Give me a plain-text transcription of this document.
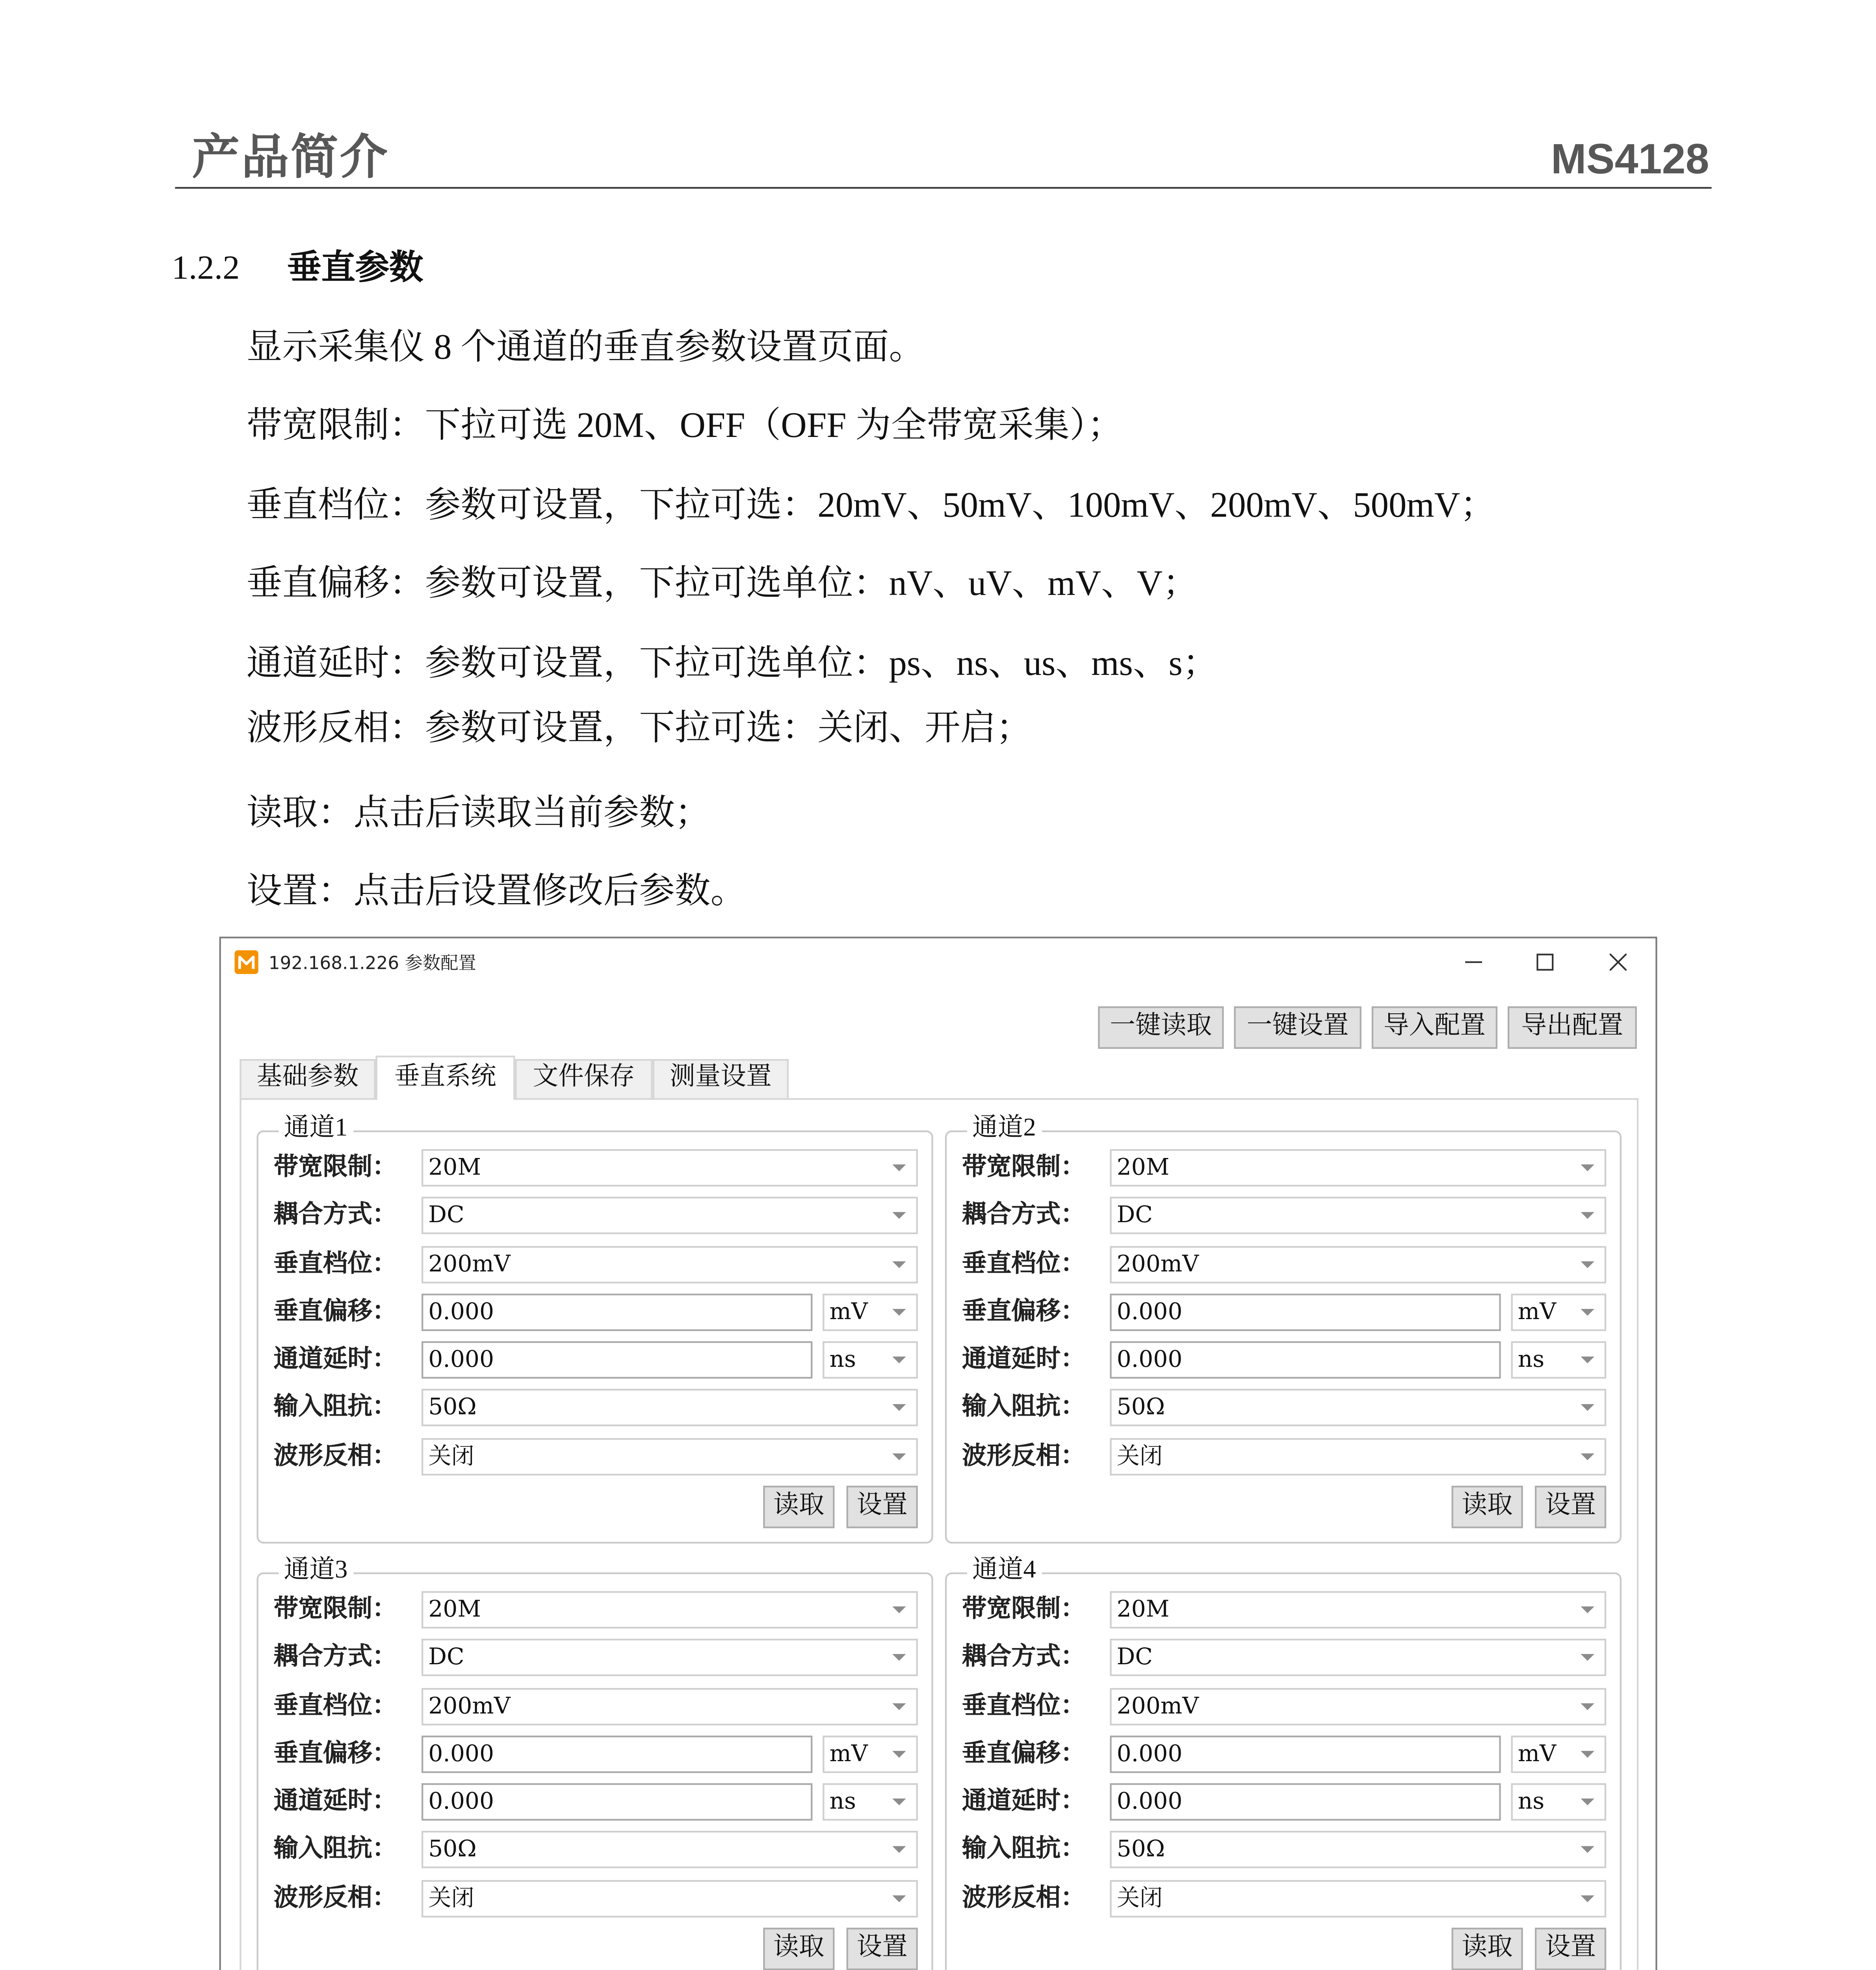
产品简介	MS4128
1.2.2	垂直参数

显示采集仪 8 个通道的垂直参数设置页面。

带宽限制：下拉可选 20M、OFF（OFF 为全带宽采集）；

垂直档位：参数可设置，下拉可选：20mV、50mV、100mV、200mV、500mV；

垂直偏移：参数可设置，下拉可选单位：nV、uV、mV、V；

通道延时：参数可设置，下拉可选单位：ps、ns、us、ms、s；

波形反相：参数可设置，下拉可选：关闭、开启；

读取：点击后读取当前参数；

设置：点击后设置修改后参数。

192.168.1.226 参数配置
一键读取	一键设置	导入配置	导出配置
基础参数	垂直系统	文件保存	测量设置
通道1
带宽限制：	20M
耦合方式：	DC
垂直档位：	200mV
垂直偏移：
0.000	mV
通道延时：
0.000	ns
输入阻抗：	50Ω
波形反相：	关闭
读取	设置
通道2
带宽限制：	20M
耦合方式：	DC
垂直档位：	200mV
垂直偏移：
0.000	mV
通道延时：
0.000	ns
输入阻抗：	50Ω
波形反相：	关闭
读取	设置
通道3
带宽限制：	20M
耦合方式：	DC
垂直档位：	200mV
垂直偏移：
0.000	mV
通道延时：
0.000	ns
输入阻抗：	50Ω
波形反相：	关闭
读取	设置
通道4
带宽限制：	20M
耦合方式：	DC
垂直档位：	200mV
垂直偏移：
0.000	mV
通道延时：
0.000	ns
输入阻抗：	50Ω
波形反相：	关闭
读取	设置
